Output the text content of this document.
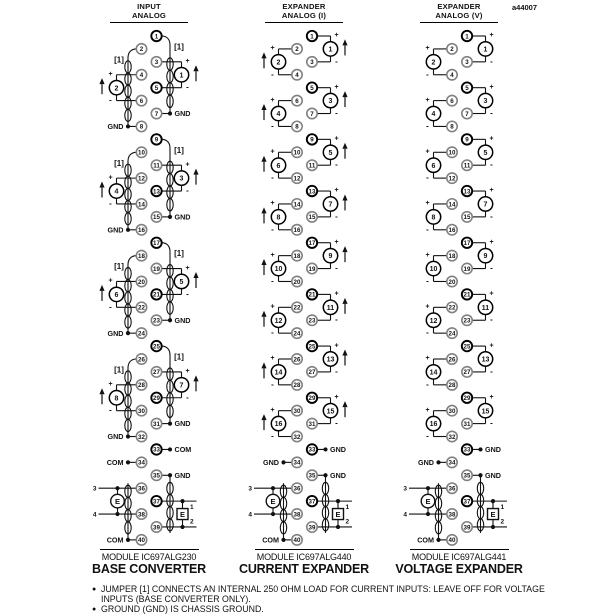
GND
[1]
1
+
-
GND
[1]
2
+
-
GND
[1]
3
+
-
GND
[1]
4
+
-
GND
[1]
5
+
-
GND
[1]
6
+
-
GND
[1]
7
+
-
GND
[1]
8
+
-
COM
COM
GND
COM
1
2
E
3
4
E
1
2
3
4
5
6
7
8
9
10
11
12
13
14
15
16
17
18
19
20
21
22
23
24
25
26
27
28
29
30
31
32
33
34
35
36
37
38
39
40
1
+
-
2
+
-
3
+
-
4
+
-
5
+
-
6
+
-
7
+
-
8
+
-
9
+
-
10
+
-
11
+
-
12
+
-
13
+
-
14
+
-
15
+
-
16
+
-
GND
GND
GND
COM
1
2
E
3
4
E
1
2
3
4
5
6
7
8
9
10
11
12
13
14
15
16
17
18
19
20
21
22
23
24
25
26
27
28
29
30
31
32
33
34
35
36
37
38
39
40
1
+
-
2
+
-
3
+
-
4
+
-
5
+
-
6
+
-
7
+
-
8
+
-
9
+
-
10
+
-
11
+
-
12
+
-
13
+
-
14
+
-
15
+
-
16
+
-
GND
GND
GND
COM
1
2
E
3
4
E
1
2
3
4
5
6
7
8
9
10
11
12
13
14
15
16
17
18
19
20
21
22
23
24
25
26
27
28
29
30
31
32
33
34
35
36
37
38
39
40
INPUT
ANALOG
EXPANDER
ANALOG (I)
EXPANDER
ANALOG (V)
a44007
MODULE IC697ALG230
BASE CONVERTER
MODULE IC697ALG440
CURRENT EXPANDER
MODULE IC697ALG441
VOLTAGE EXPANDER
● JUMPER [1] CONNECTS AN INTERNAL 250 OHM LOAD FOR CURRENT INPUTS: LEAVE OFF FOR VOLTAGE INPUTS (BASE CONVERTER ONLY).
● GROUND (GND) IS CHASSIS GROUND.
